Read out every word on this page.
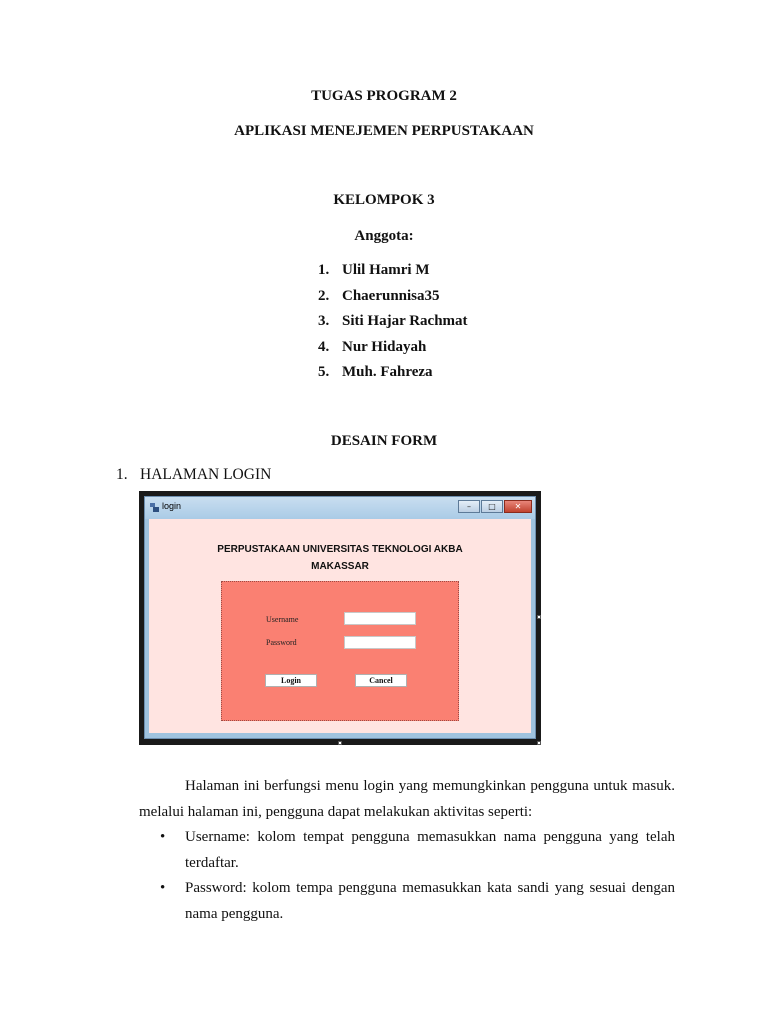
TUGAS PROGRAM 2
APLIKASI MENEJEMEN PERPUSTAKAAN
KELOMPOK 3
Anggota:
1. Ulil Hamri M
2. Chaerunnisa35
3. Siti Hajar Rachmat
4. Nur Hidayah
5. Muh. Fahreza
DESAIN FORM
1. HALAMAN LOGIN
login	–	□	✕
PERPUSTAKAAN UNIVERSITAS TEKNOLOGI AKBA
MAKASSAR
Username
Password
Login	Cancel
Halaman ini berfungsi menu login yang memungkinkan pengguna untuk masuk. melalui halaman ini, pengguna dapat melakukan aktivitas seperti:
• Username: kolom tempat pengguna memasukkan nama pengguna yang telah terdaftar.
• Password: kolom tempa pengguna memasukkan kata sandi yang sesuai dengan nama pengguna.
